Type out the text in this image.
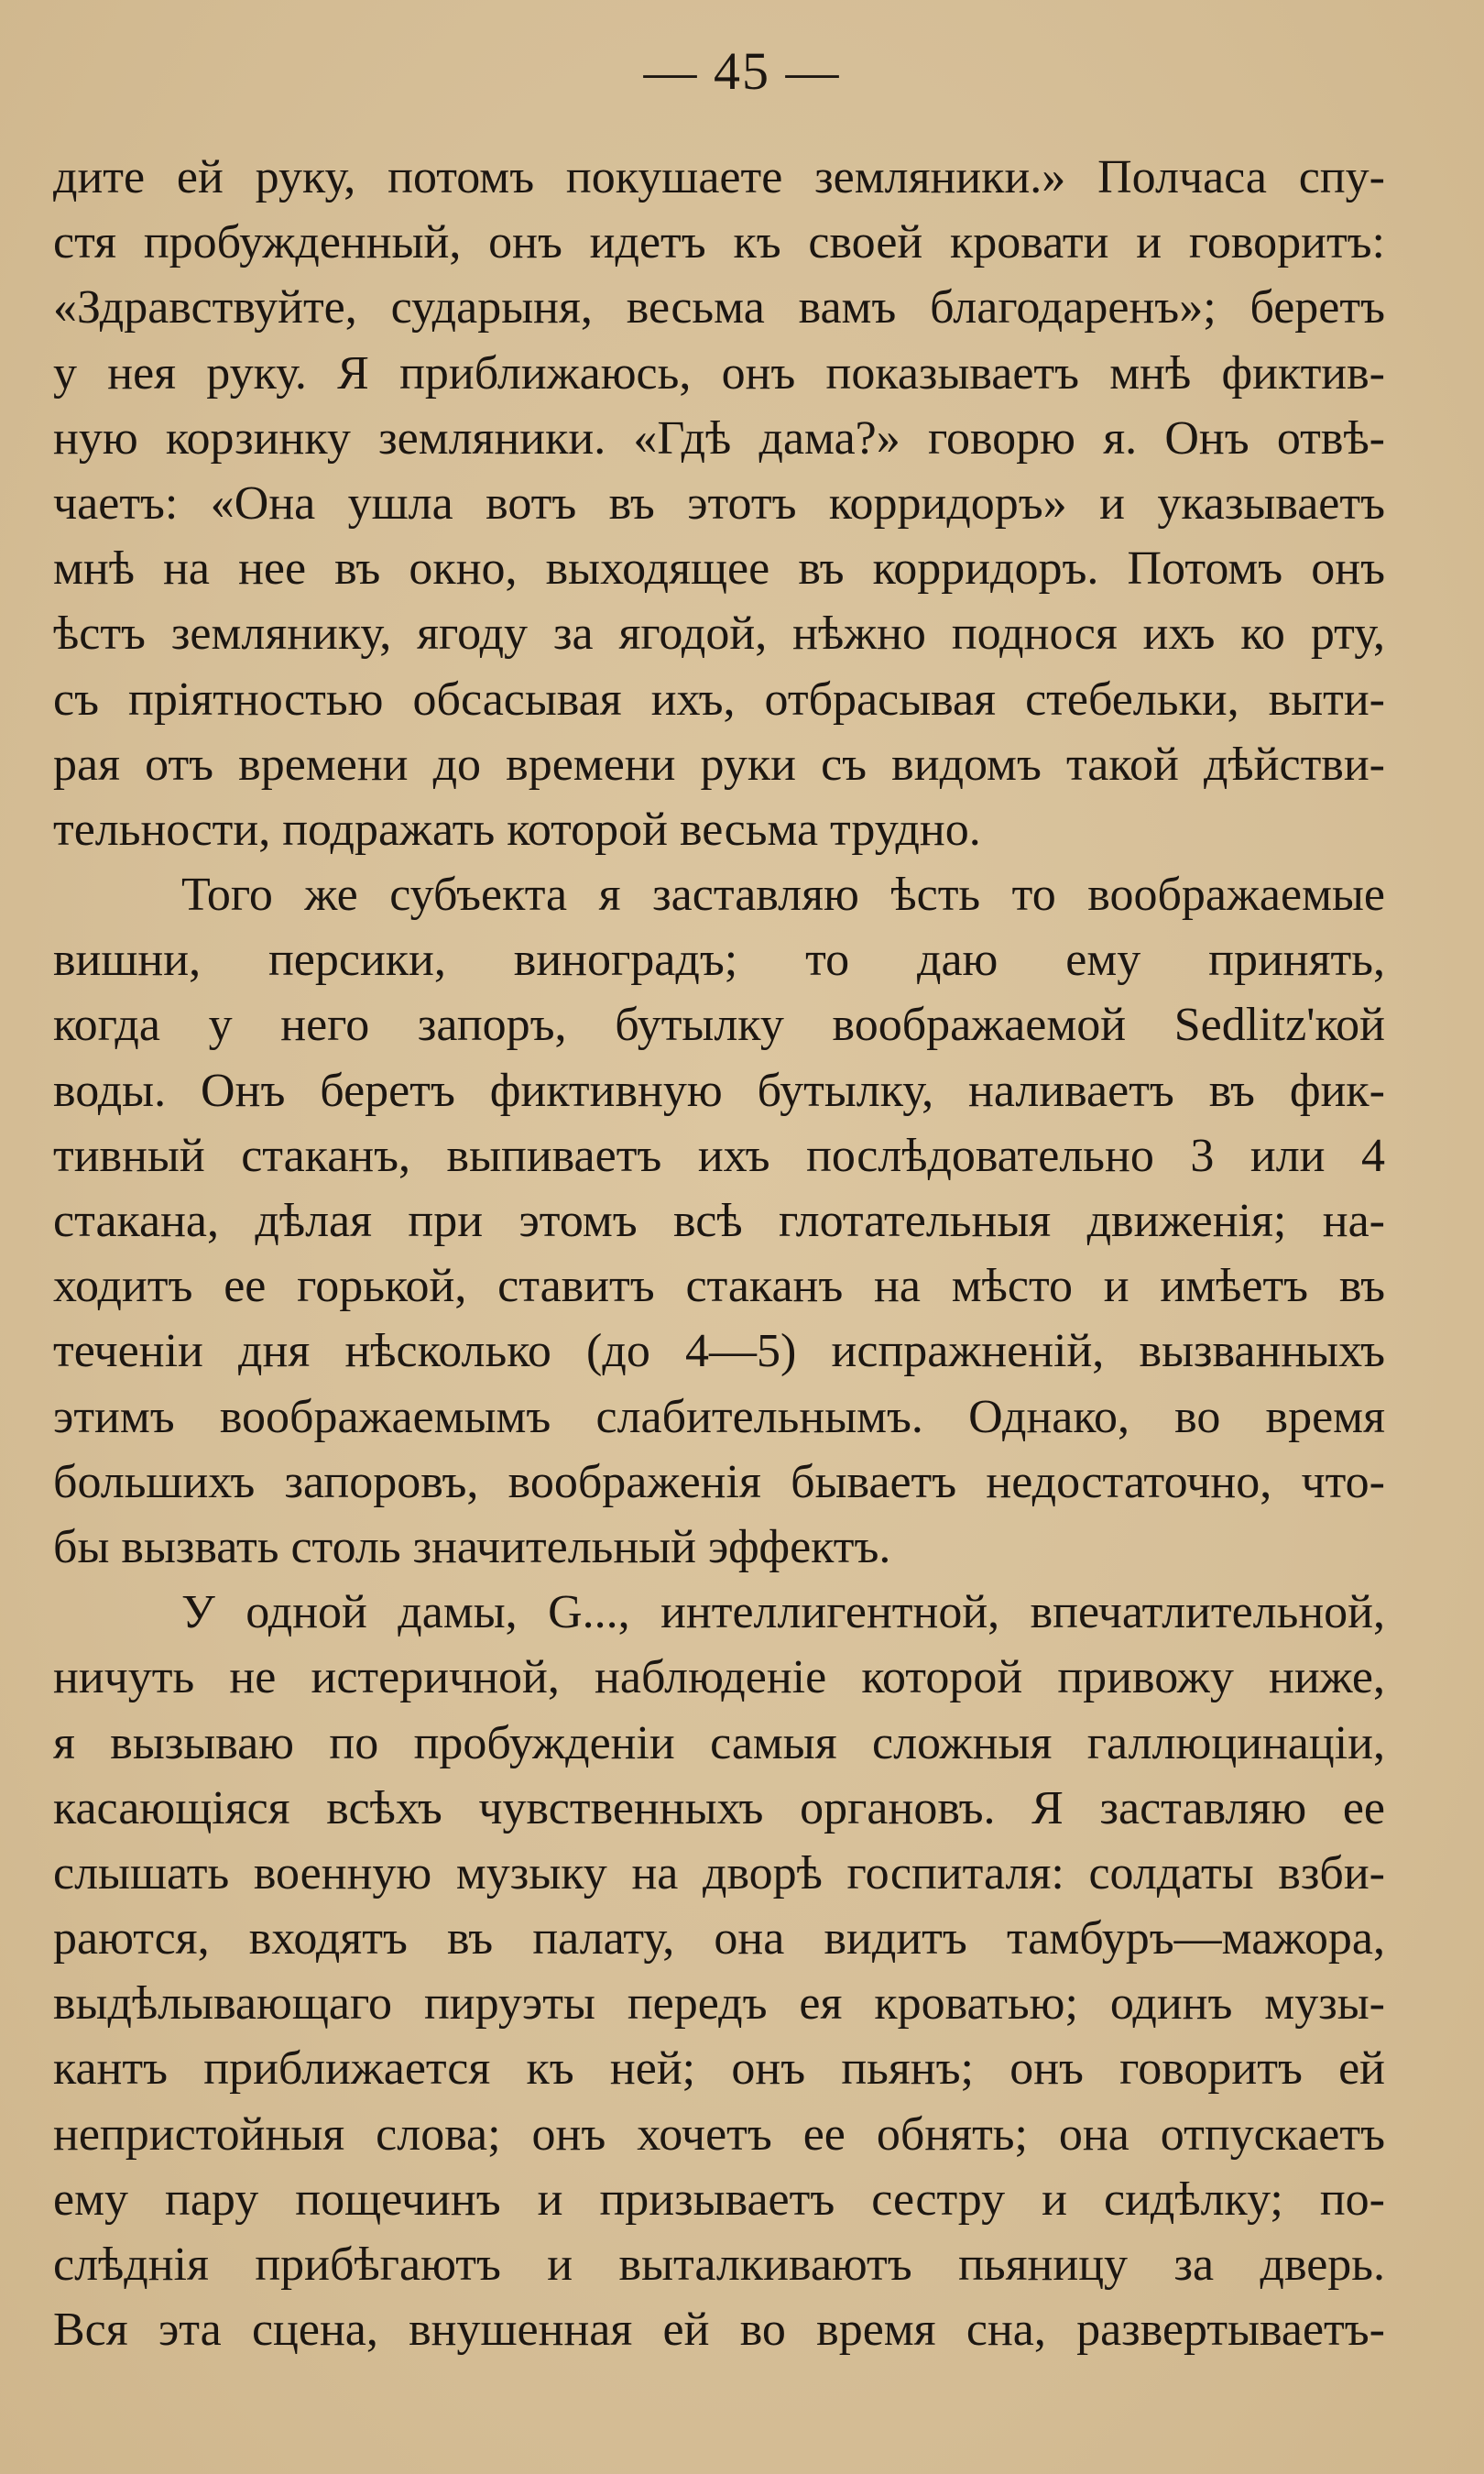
— 45 —
дите ей руку, потомъ покушаете земляники.» Полчаса спу-
стя пробужденный, онъ идетъ къ своей кровати и говоритъ:
«Здравствуйте, сударыня, весьма вамъ благодаренъ»; беретъ
у нея руку. Я приближаюсь, онъ показываетъ мнѣ фиктив-
ную корзинку земляники. «Гдѣ дама?» говорю я. Онъ отвѣ-
чаетъ: «Она ушла вотъ въ этотъ корридоръ» и указываетъ
мнѣ на нее въ окно, выходящее въ корридоръ. Потомъ онъ
ѣстъ землянику, ягоду за ягодой, нѣжно поднося ихъ ко рту,
съ пріятностью обсасывая ихъ, отбрасывая стебельки, выти-
рая отъ времени до времени руки съ видомъ такой дѣйстви-
тельности, подражать которой весьма трудно.
Того же субъекта я заставляю ѣсть то воображаемые
вишни, персики, виноградъ; то даю ему принять,
когда у него запоръ, бутылку воображаемой Sedlitz'кой
воды. Онъ беретъ фиктивную бутылку, наливаетъ въ фик-
тивный стаканъ, выпиваетъ ихъ послѣдовательно 3 или 4
стакана, дѣлая при этомъ всѣ глотательныя движенія; на-
ходитъ ее горькой, ставитъ стаканъ на мѣсто и имѣетъ въ
теченіи дня нѣсколько (до 4—5) испражненій, вызванныхъ
этимъ воображаемымъ слабительнымъ. Однако, во время
большихъ запоровъ, воображенія бываетъ недостаточно, что-
бы вызвать столь значительный эффектъ.
У одной дамы, G..., интеллигентной, впечатлительной,
ничуть не истеричной, наблюденіе которой привожу ниже,
я вызываю по пробужденіи самыя сложныя галлюцинаціи,
касающіяся всѣхъ чувственныхъ органовъ. Я заставляю ее
слышать военную музыку на дворѣ госпиталя: солдаты взби-
раются, входятъ въ палату, она видитъ тамбуръ—мажора,
выдѣлывающаго пируэты передъ ея кроватью; одинъ музы-
кантъ приближается къ ней; онъ пьянъ; онъ говоритъ ей
непристойныя слова; онъ хочетъ ее обнять; она отпускаетъ
ему пару пощечинъ и призываетъ сестру и сидѣлку; по-
слѣднія прибѣгаютъ и выталкиваютъ пьяницу за дверь.
Вся эта сцена, внушенная ей во время сна, развертываетъ-
